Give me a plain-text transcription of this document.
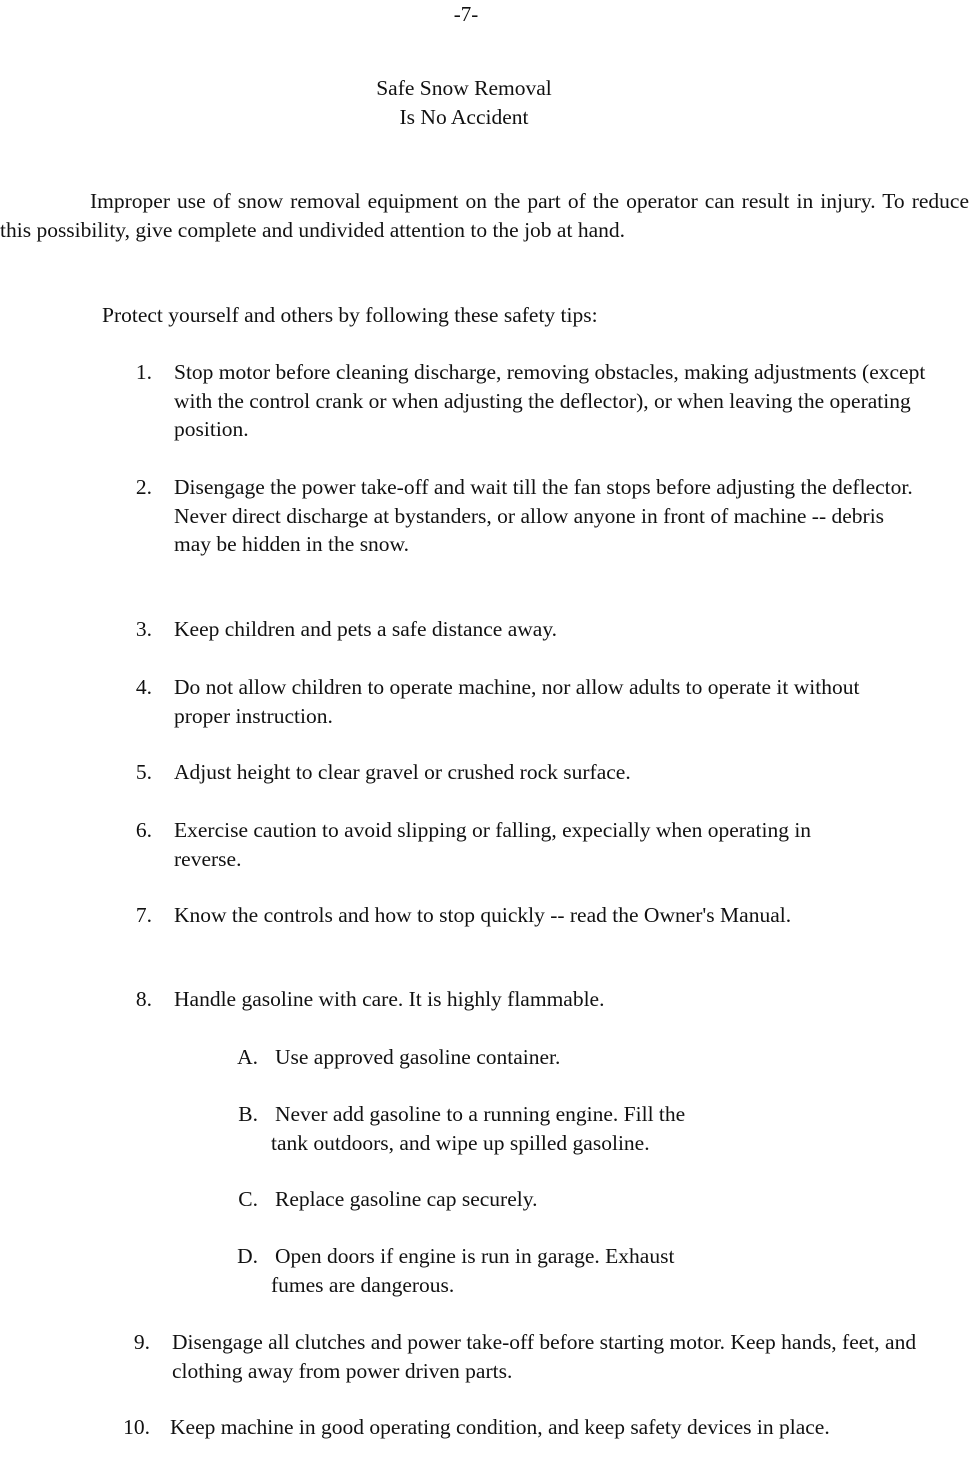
-7-
Safe Snow Removal
Is No Accident

Improper use of snow removal equipment on the part of the operator can result in injury. To reduce this possibility, give complete and undivided attention to the job at hand.

Protect yourself and others by following these safety tips:

1. Stop motor before cleaning discharge, removing obstacles, making adjustments (except with the control crank or when adjusting the deflector), or when leaving the operating position.

2. Disengage the power take-off and wait till the fan stops before adjusting the deflector. Never direct discharge at bystanders, or allow anyone in front of machine -- debris may be hidden in the snow.

3. Keep children and pets a safe distance away.

4. Do not allow children to operate machine, nor allow adults to operate it without proper instruction.

5. Adjust height to clear gravel or crushed rock surface.

6. Exercise caution to avoid slipping or falling, expecially when operating in reverse.

7. Know the controls and how to stop quickly -- read the Owner's Manual.

8. Handle gasoline with care. It is highly flammable.

A. Use approved gasoline container.

B. Never add gasoline to a running engine. Fill the
tank outdoors, and wipe up spilled gasoline.

C. Replace gasoline cap securely.

D. Open doors if engine is run in garage. Exhaust
fumes are dangerous.

9. Disengage all clutches and power take-off before starting motor. Keep hands, feet, and clothing away from power driven parts.

10. Keep machine in good operating condition, and keep safety devices in place.
